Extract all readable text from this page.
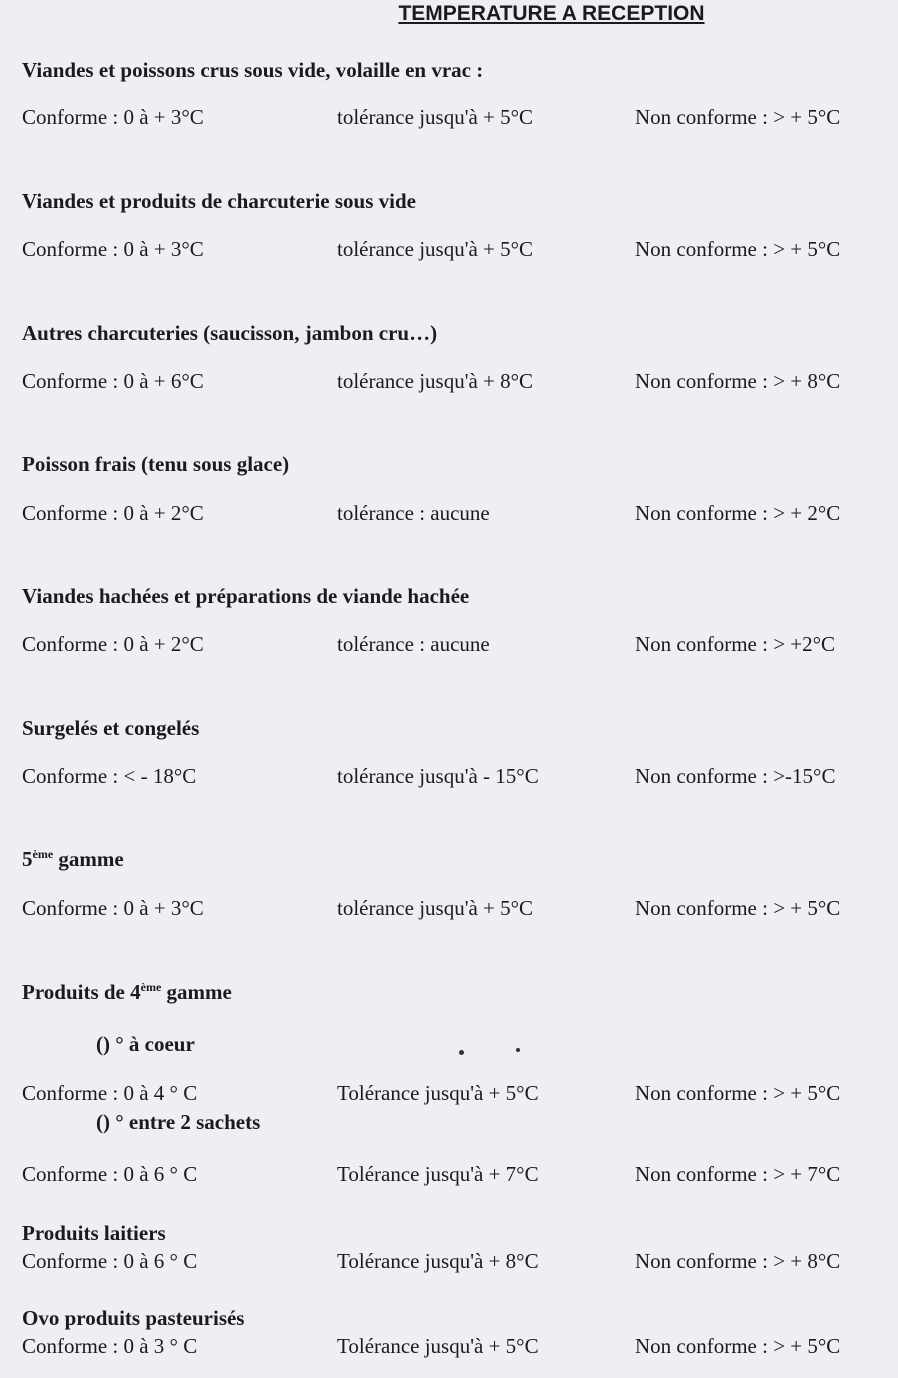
TEMPERATURE A RECEPTION
Viandes et poissons crus sous vide, volaille en vrac :
Conforme : 0 à + 3°C	tolérance jusqu'à + 5°C	Non conforme : > + 5°C
Viandes et produits de charcuterie sous vide
Conforme : 0 à + 3°C	tolérance jusqu'à + 5°C	Non conforme : > + 5°C
Autres charcuteries (saucisson, jambon cru…)
Conforme : 0 à + 6°C	tolérance jusqu'à + 8°C	Non conforme : > + 8°C
Poisson frais (tenu sous glace)
Conforme : 0 à + 2°C	tolérance : aucune	Non conforme : > + 2°C
Viandes hachées et préparations de viande hachée
Conforme : 0 à + 2°C	tolérance : aucune	Non conforme : > +2°C
Surgelés et congelés
Conforme : < - 18°C	tolérance jusqu'à - 15°C	Non conforme : >-15°C
5ème gamme
Conforme : 0 à + 3°C	tolérance jusqu'à + 5°C	Non conforme : > + 5°C
Produits de 4ème gamme
() ° à coeur
Conforme : 0 à 4 ° C	Tolérance jusqu'à + 5°C	Non conforme : > + 5°C
() ° entre 2 sachets
Conforme : 0 à 6 ° C	Tolérance jusqu'à + 7°C	Non conforme : > + 7°C
Produits laitiers
Conforme : 0 à 6 ° C	Tolérance jusqu'à + 8°C	Non conforme : > + 8°C
Ovo produits pasteurisés
Conforme : 0 à 3 ° C	Tolérance jusqu'à + 5°C	Non conforme : > + 5°C
